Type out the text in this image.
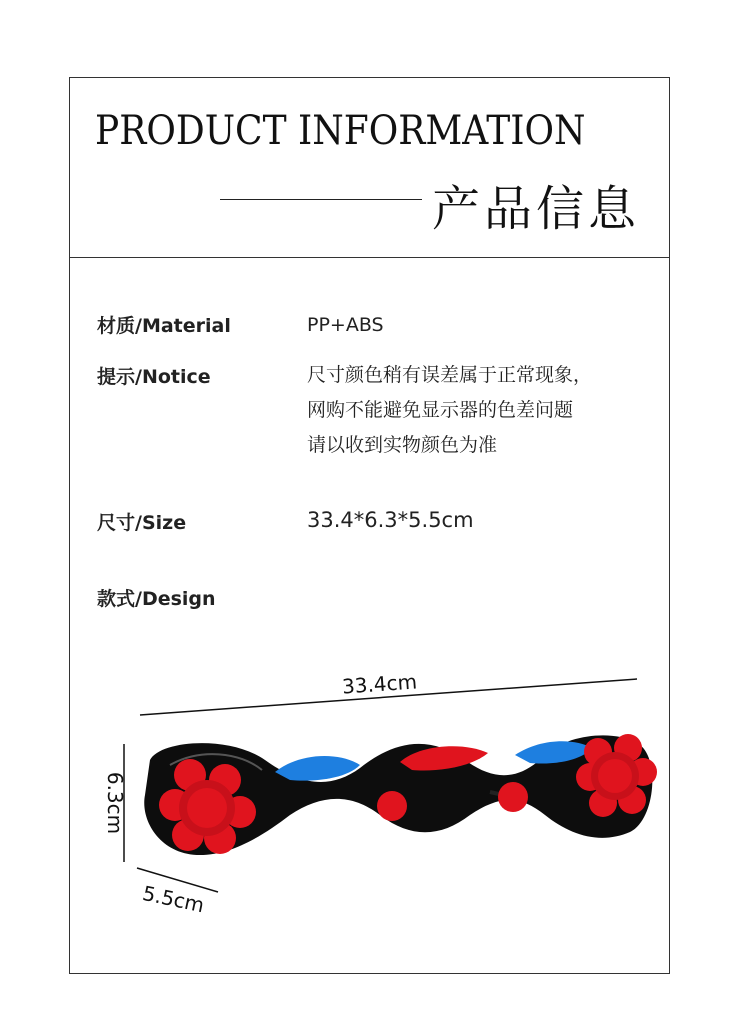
PRODUCT INFORMATION
产品信息
材质/Material	PP+ABS
提示/Notice	尺寸颜色稍有误差属于正常现象，
网购不能避免显示器的色差问题
请以收到实物颜色为准
尺寸/Size	33.4*6.3*5.5cm
款式/Design
33.4cm
6.3cm
5.5cm
